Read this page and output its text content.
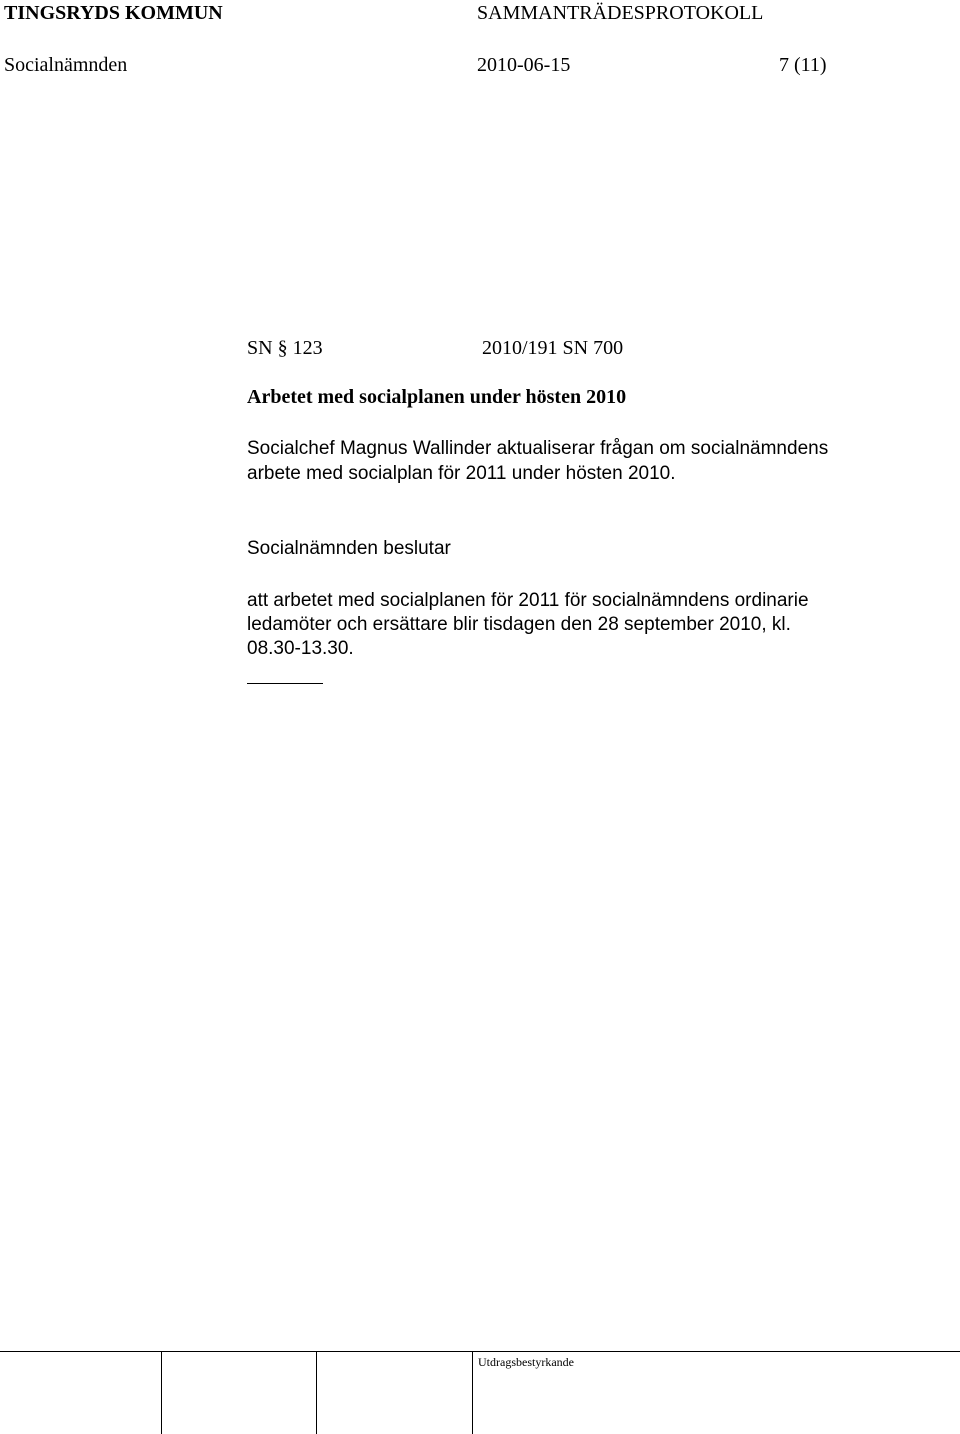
TINGSRYDS KOMMUN	SAMMANTRÄDESPROTOKOLL
Socialnämnden	2010-06-15	7 (11)
SN § 123	2010/191 SN 700
Arbetet med socialplanen under hösten 2010
Socialchef Magnus Wallinder aktualiserar frågan om socialnämndens
arbete med socialplan för 2011 under hösten 2010.
Socialnämnden beslutar
att arbetet med socialplanen för 2011 för socialnämndens ordinarie
ledamöter och ersättare blir tisdagen den 28 september 2010, kl.
08.30-13.30.
Utdragsbestyrkande
